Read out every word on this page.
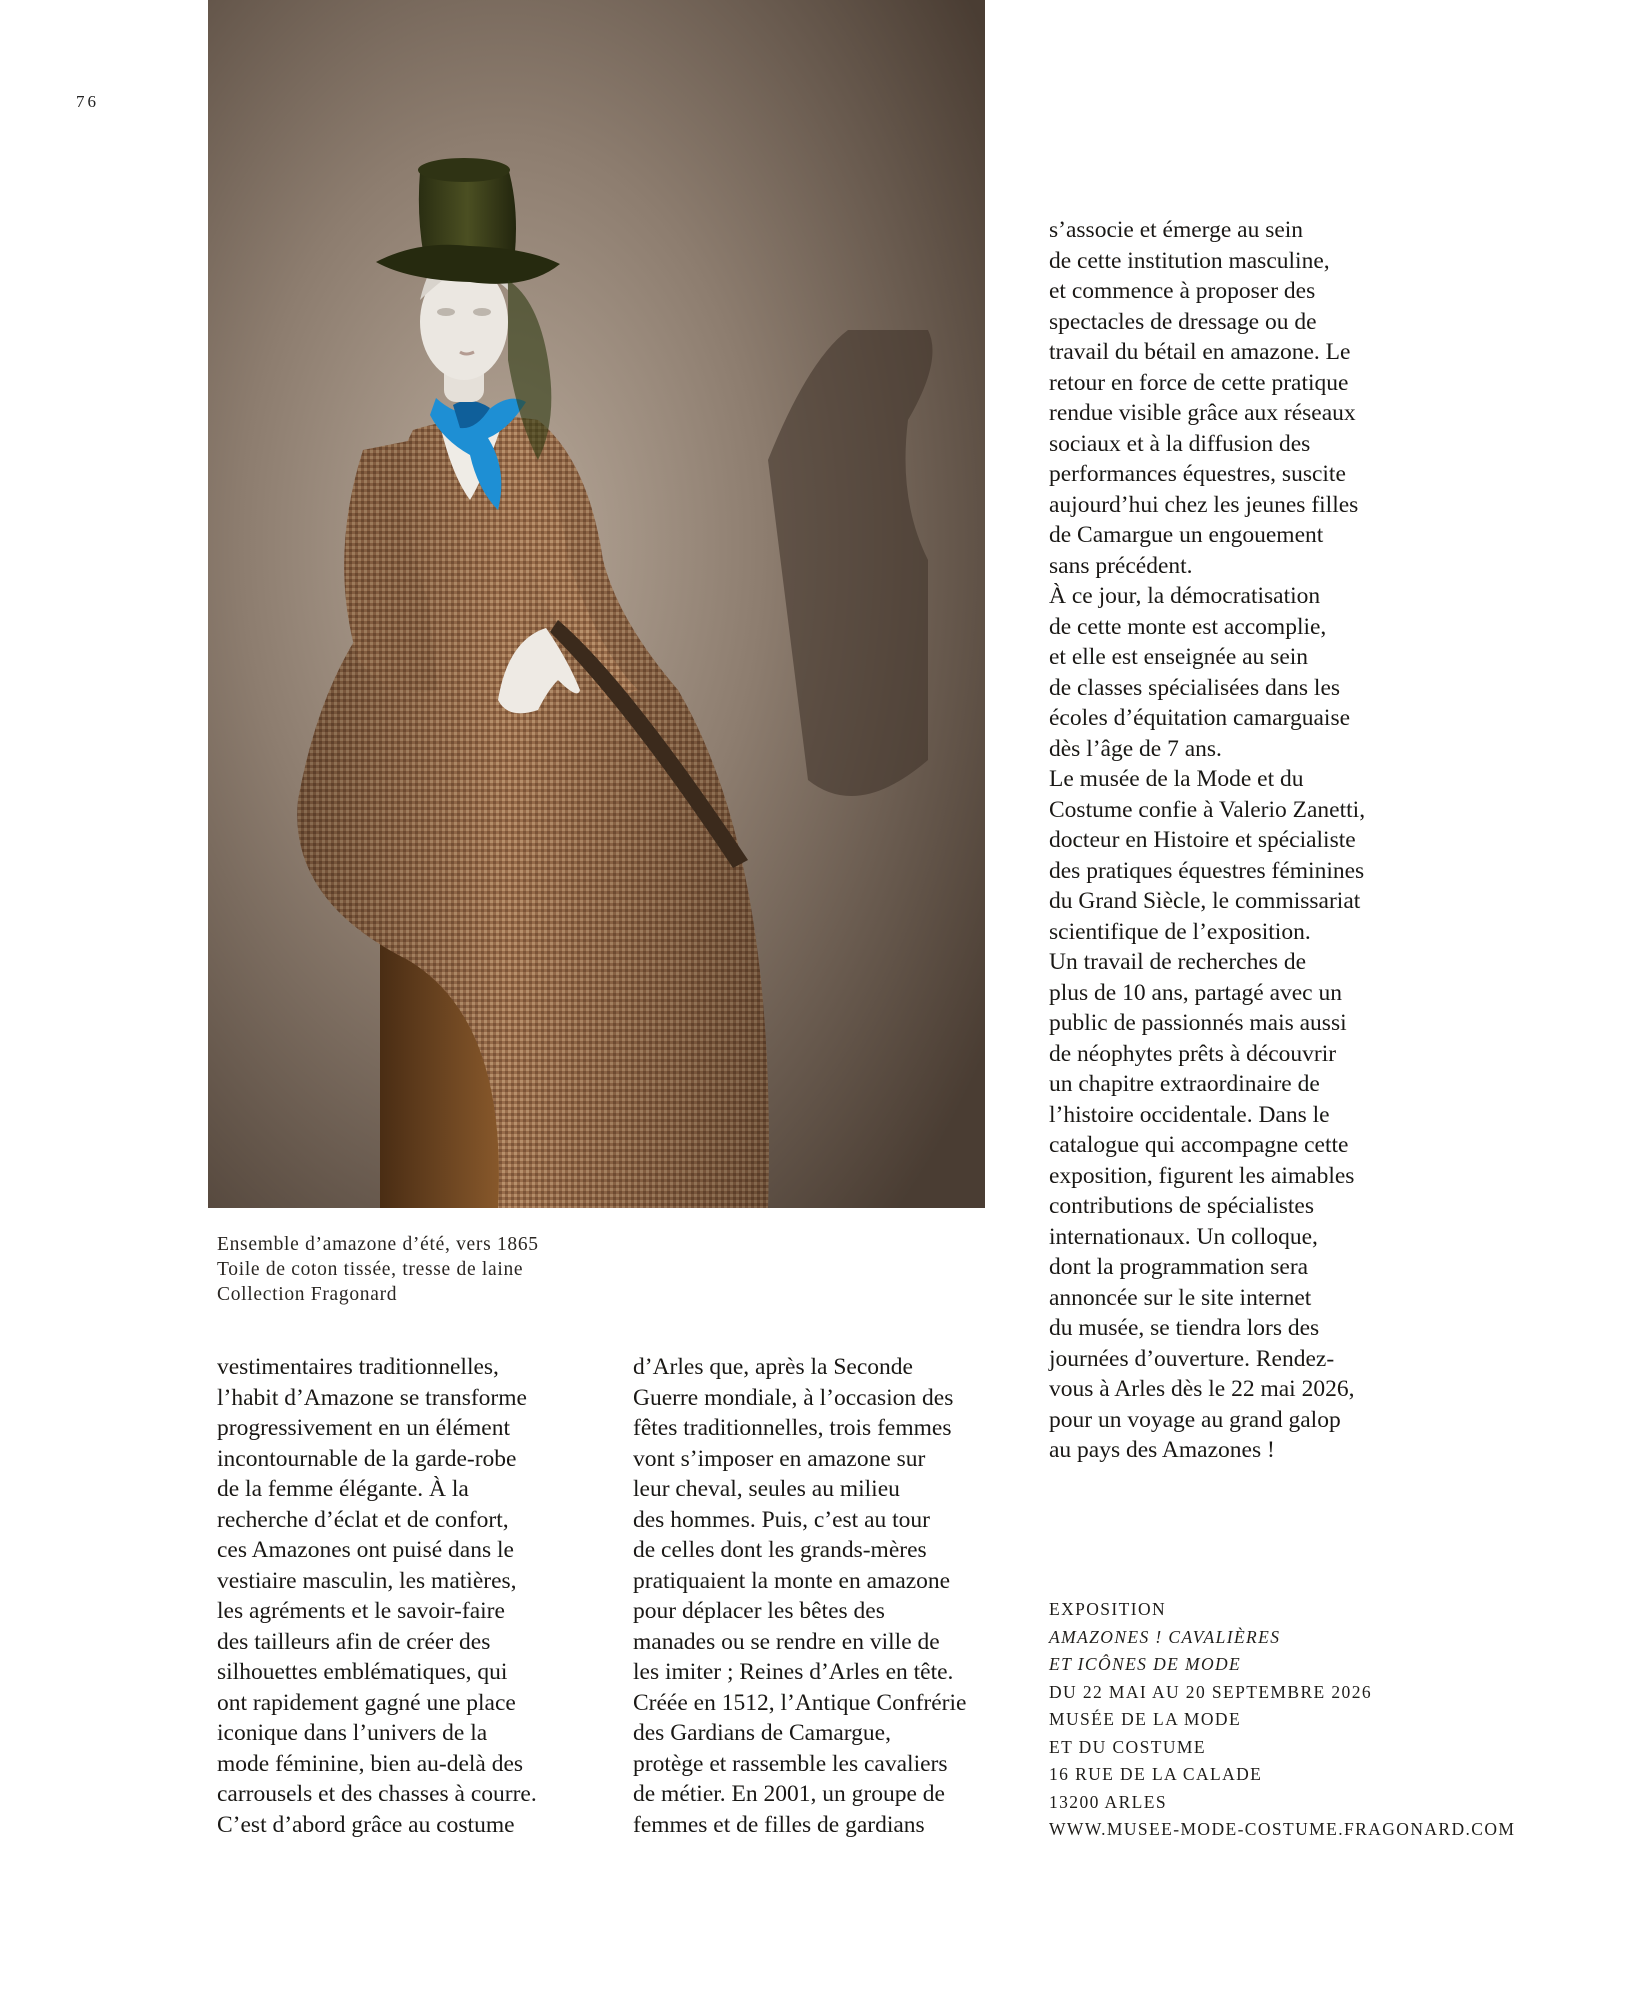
76
Ensemble d’amazone d’été, vers 1865
Toile de coton tissée, tresse de laine
Collection Fragonard
vestimentaires traditionnelles,
l’habit d’Amazone se transforme
progressivement en un élément
incontournable de la garde-robe
de la femme élégante. À la
recherche d’éclat et de confort,
ces Amazones ont puisé dans le
vestiaire masculin, les matières,
les agréments et le savoir-faire
des tailleurs afin de créer des
silhouettes emblématiques, qui
ont rapidement gagné une place
iconique dans l’univers de la
mode féminine, bien au-delà des
carrousels et des chasses à courre.
C’est d’abord grâce au costume
d’Arles que, après la Seconde
Guerre mondiale, à l’occasion des
fêtes traditionnelles, trois femmes
vont s’imposer en amazone sur
leur cheval, seules au milieu
des hommes. Puis, c’est au tour
de celles dont les grands-mères
pratiquaient la monte en amazone
pour déplacer les bêtes des
manades ou se rendre en ville de
les imiter ; Reines d’Arles en tête.
Créée en 1512, l’Antique Confrérie
des Gardians de Camargue,
protège et rassemble les cavaliers
de métier. En 2001, un groupe de
femmes et de filles de gardians
s’associe et émerge au sein
de cette institution masculine,
et commence à proposer des
spectacles de dressage ou de
travail du bétail en amazone. Le
retour en force de cette pratique
rendue visible grâce aux réseaux
sociaux et à la diffusion des
performances équestres, suscite
aujourd’hui chez les jeunes filles
de Camargue un engouement
sans précédent.
À ce jour, la démocratisation
de cette monte est accomplie,
et elle est enseignée au sein
de classes spécialisées dans les
écoles d’équitation camarguaise
dès l’âge de 7 ans.
Le musée de la Mode et du
Costume confie à Valerio Zanetti,
docteur en Histoire et spécialiste
des pratiques équestres féminines
du Grand Siècle, le commissariat
scientifique de l’exposition.
Un travail de recherches de
plus de 10 ans, partagé avec un
public de passionnés mais aussi
de néophytes prêts à découvrir
un chapitre extraordinaire de
l’histoire occidentale. Dans le
catalogue qui accompagne cette
exposition, figurent les aimables
contributions de spécialistes
internationaux. Un colloque,
dont la programmation sera
annoncée sur le site internet
du musée, se tiendra lors des
journées d’ouverture. Rendez-
vous à Arles dès le 22 mai 2026,
pour un voyage au grand galop
au pays des Amazones !
EXPOSITION
AMAZONES ! CAVALIÈRES
ET ICÔNES DE MODE
DU 22 MAI AU 20 SEPTEMBRE 2026
MUSÉE DE LA MODE
ET DU COSTUME
16 RUE DE LA CALADE
13200 ARLES
WWW.MUSEE-MODE-COSTUME.FRAGONARD.COM
